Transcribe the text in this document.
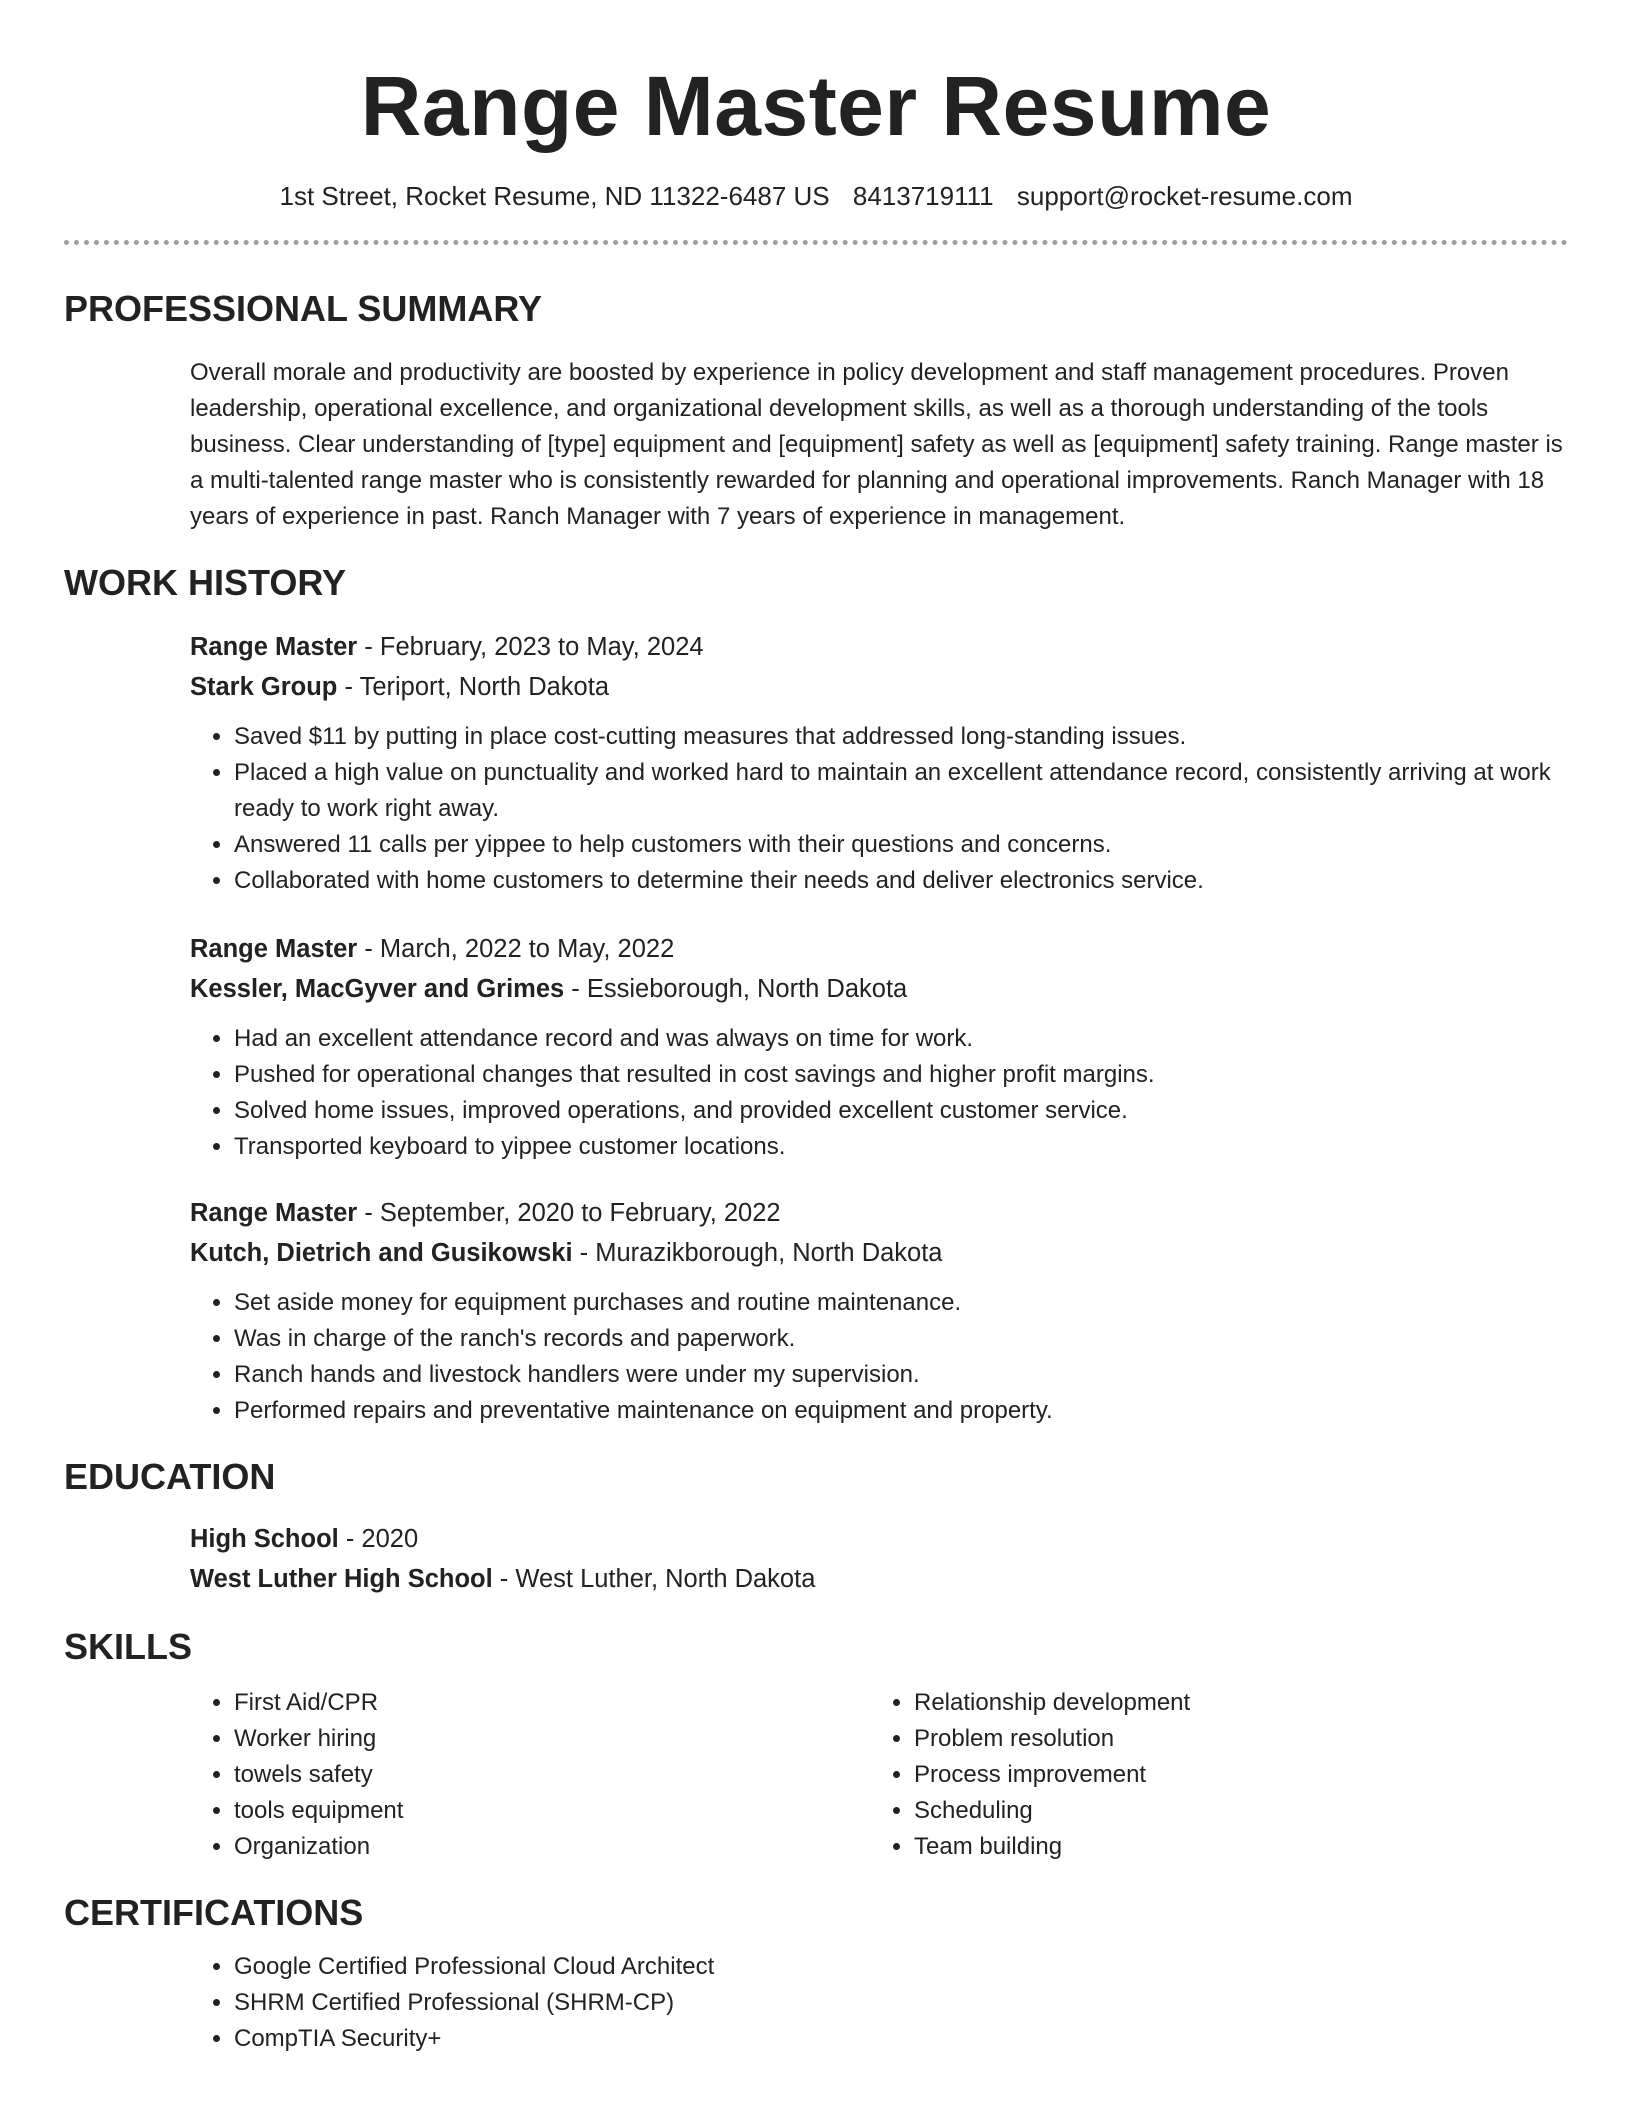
Range Master Resume
1st Street, Rocket Resume, ND 11322-6487 US 8413719111 support@rocket-resume.com
PROFESSIONAL SUMMARY
Overall morale and productivity are boosted by experience in policy development and staff management procedures. Proven leadership, operational excellence, and organizational development skills, as well as a thorough understanding of the tools business. Clear understanding of [type] equipment and [equipment] safety as well as [equipment] safety training. Range master is a multi-talented range master who is consistently rewarded for planning and operational improvements. Ranch Manager with 18 years of experience in past. Ranch Manager with 7 years of experience in management.
WORK HISTORY
Range Master - February, 2023 to May, 2024
Stark Group - Teriport, North Dakota
• Saved $11 by putting in place cost-cutting measures that addressed long-standing issues.
• Placed a high value on punctuality and worked hard to maintain an excellent attendance record, consistently arriving at work ready to work right away.
• Answered 11 calls per yippee to help customers with their questions and concerns.
• Collaborated with home customers to determine their needs and deliver electronics service.
Range Master - March, 2022 to May, 2022
Kessler, MacGyver and Grimes - Essieborough, North Dakota
• Had an excellent attendance record and was always on time for work.
• Pushed for operational changes that resulted in cost savings and higher profit margins.
• Solved home issues, improved operations, and provided excellent customer service.
• Transported keyboard to yippee customer locations.
Range Master - September, 2020 to February, 2022
Kutch, Dietrich and Gusikowski - Murazikborough, North Dakota
• Set aside money for equipment purchases and routine maintenance.
• Was in charge of the ranch's records and paperwork.
• Ranch hands and livestock handlers were under my supervision.
• Performed repairs and preventative maintenance on equipment and property.
EDUCATION
High School - 2020
West Luther High School - West Luther, North Dakota
SKILLS
• First Aid/CPR
• Worker hiring
• towels safety
• tools equipment
• Organization
• Relationship development
• Problem resolution
• Process improvement
• Scheduling
• Team building
CERTIFICATIONS
• Google Certified Professional Cloud Architect
• SHRM Certified Professional (SHRM-CP)
• CompTIA Security+
